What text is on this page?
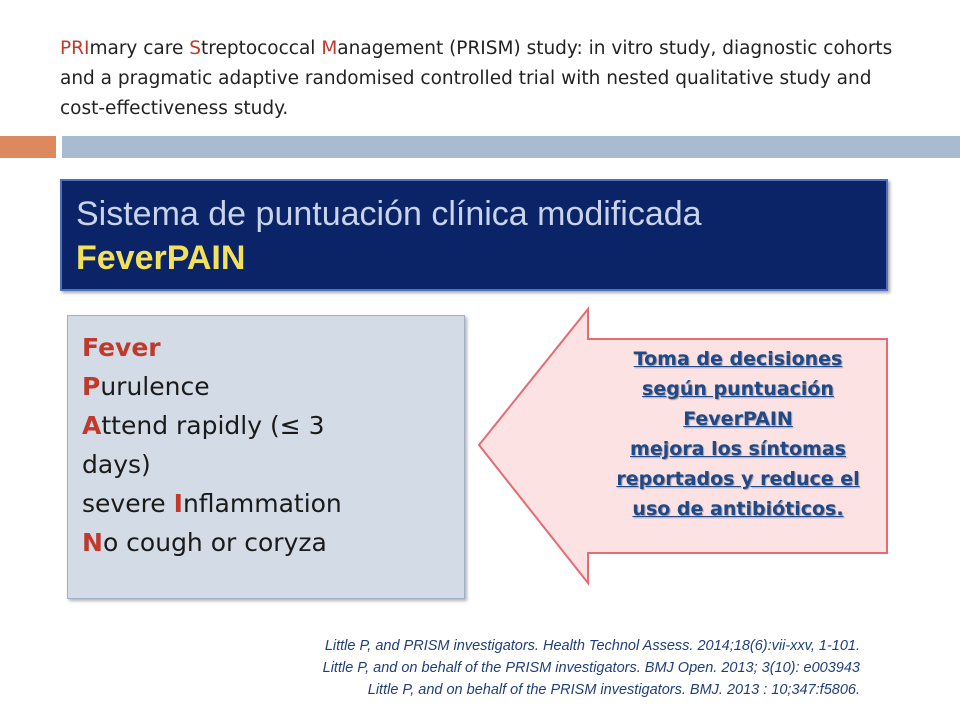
PRImary care Streptococcal Management (PRISM) study: in vitro study, diagnostic cohorts and a pragmatic adaptive randomised controlled trial with nested qualitative study and cost-effectiveness study.
Sistema de puntuación clínica modificada
FeverPAIN
Fever
Purulence
Attend rapidly (≤ 3
days)
severe Inflammation
No cough or coryza
Toma de decisiones
según puntuación
FeverPAIN
mejora los síntomas
reportados y reduce el
uso de antibióticos.
Little P, and PRISM investigators. Health Technol Assess. 2014;18(6):vii-xxv, 1-101.
Little P, and on behalf of the PRISM investigators. BMJ Open. 2013; 3(10): e003943
Little P, and on behalf of the PRISM investigators. BMJ. 2013 : 10;347:f5806.
